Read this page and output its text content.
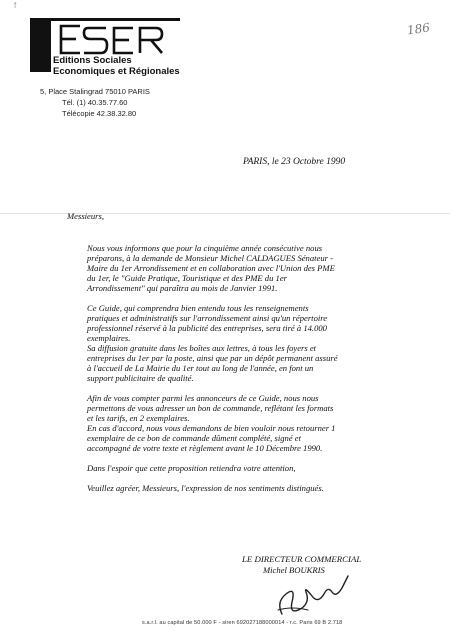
f
186
Editions Sociales
Economiques et Régionales
5, Place Stalingrad 75010 PARIS
Tél. (1) 40.35.77.60
Télécopie 42.38.32.80
PARIS, le 23 Octobre 1990
Messieurs,
Nous vous informons que pour la cinquième année consécutive nous
préparons, à la demande de Monsieur Michel CALDAGUES Sénateur -
Maire du 1er Arrondissement et en collaboration avec l'Union des PME
du 1er, le "Guide Pratique, Touristique et des PME du 1er
Arrondissement" qui paraîtra au mois de Janvier 1991.
Ce Guide, qui comprendra bien entendu tous les renseignements
pratiques et administratifs sur l'arrondissement ainsi qu'un répertoire
professionnel réservé à la publicité des entreprises, sera tiré à 14.000
exemplaires.
Sa diffusion gratuite dans les boîtes aux lettres, à tous les foyers et
entreprises du 1er par la poste, ainsi que par un dépôt permanent assuré
à l'accueil de La Mairie du 1er tout au long de l'année, en font un
support publicitaire de qualité.
Afin de vous compter parmi les annonceurs de ce Guide, nous nous
permettons de vous adresser un bon de commande, reflétant les formats
et les tarifs, en 2 exemplaires.
En cas d'accord, nous vous demandons de bien vouloir nous retourner 1
exemplaire de ce bon de commande dûment complété, signé et
accompagné de votre texte et règlement avant le 10 Décembre 1990.
Dans l'espoir que cette proposition retiendra votre attention,
Veuillez agréer, Messieurs, l'expression de nos sentiments distingués.
LE DIRECTEUR COMMERCIAL
Michel BOUKRIS
s.a.r.l. au capital de 50.000 F - siren 692027188000014 - r.c. Paris 69 B 2.718
